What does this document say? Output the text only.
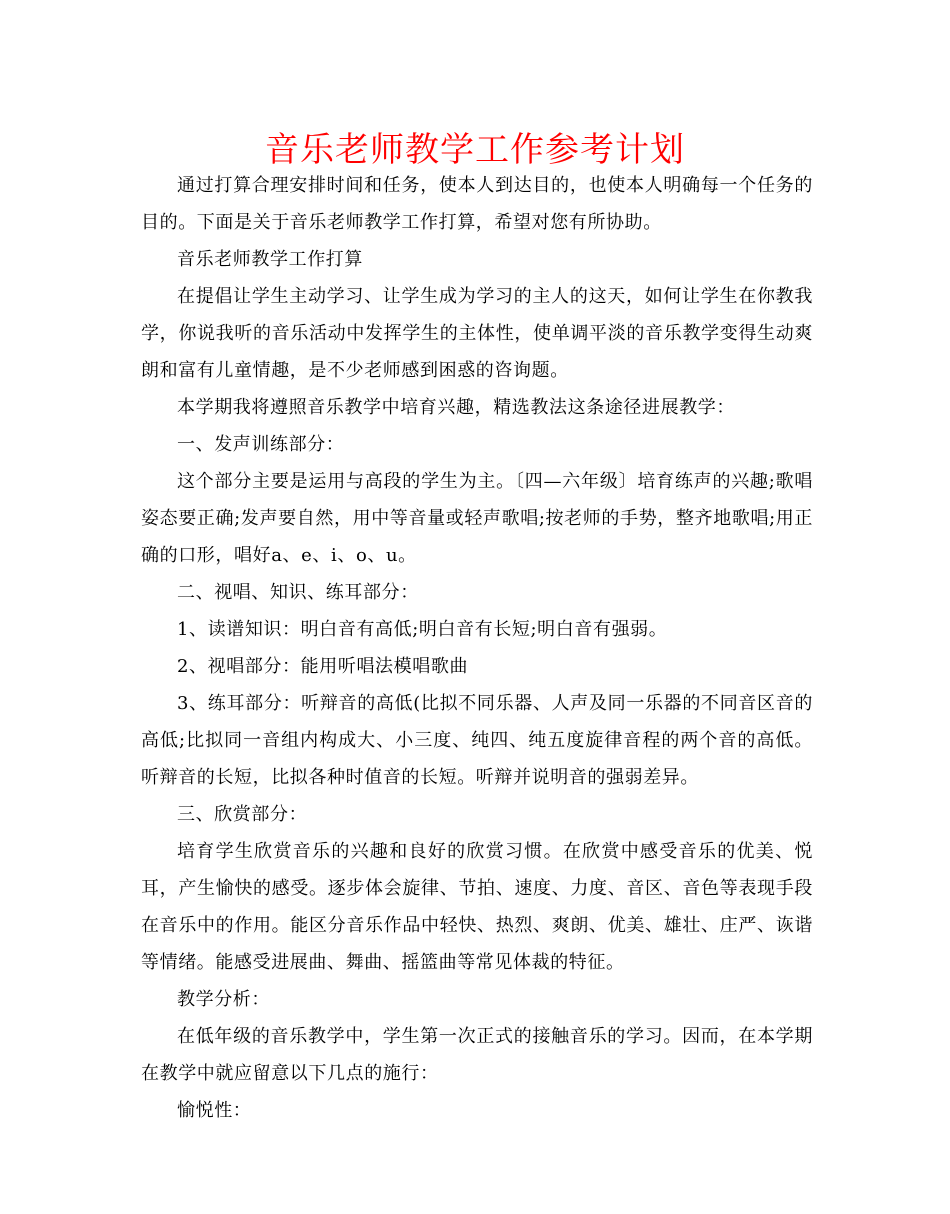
音乐老师教学工作参考计划

通过打算合理安排时间和任务，使本人到达目的，也使本人明确每一个任务的目的。下面是关于音乐老师教学工作打算，希望对您有所协助。

音乐老师教学工作打算

在提倡让学生主动学习、让学生成为学习的主人的这天，如何让学生在你教我学，你说我听的音乐活动中发挥学生的主体性，使单调平淡的音乐教学变得生动爽朗和富有儿童情趣，是不少老师感到困惑的咨询题。

本学期我将遵照音乐教学中培育兴趣，精选教法这条途径进展教学：

一、发声训练部分：

这个部分主要是运用与高段的学生为主。〔四—六年级〕培育练声的兴趣;歌唱姿态要正确;发声要自然，用中等音量或轻声歌唱;按老师的手势，整齐地歌唱;用正确的口形，唱好a、e、i、o、u。

二、视唱、知识、练耳部分：

1、读谱知识：明白音有高低;明白音有长短;明白音有强弱。

2、视唱部分：能用听唱法模唱歌曲

3、练耳部分：听辩音的高低(比拟不同乐器、人声及同一乐器的不同音区音的高低;比拟同一音组内构成大、小三度、纯四、纯五度旋律音程的两个音的高低。听辩音的长短，比拟各种时值音的长短。听辩并说明音的强弱差异。

三、欣赏部分：

培育学生欣赏音乐的兴趣和良好的欣赏习惯。在欣赏中感受音乐的优美、悦耳，产生愉快的感受。逐步体会旋律、节拍、速度、力度、音区、音色等表现手段在音乐中的作用。能区分音乐作品中轻快、热烈、爽朗、优美、雄壮、庄严、诙谐等情绪。能感受进展曲、舞曲、摇篮曲等常见体裁的特征。

教学分析：

在低年级的音乐教学中，学生第一次正式的接触音乐的学习。因而，在本学期在教学中就应留意以下几点的施行：

愉悦性：
